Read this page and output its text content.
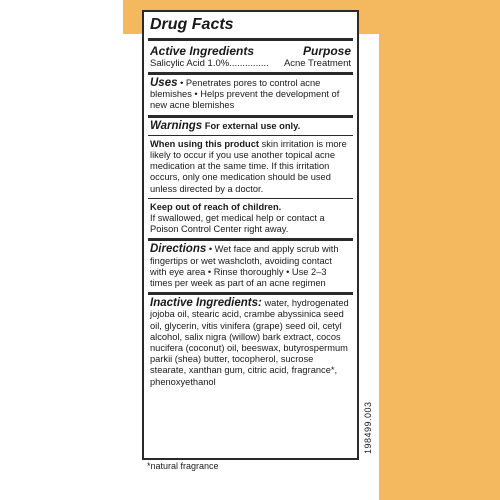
Drug Facts
Active Ingredients	Purpose
Salicylic Acid 1.0% ...............	Acne Treatment
Uses • Penetrates pores to control acne blemishes • Helps prevent the development of new acne blemishes
Warnings For external use only.
When using this product skin irritation is more likely to occur if you use another topical acne medication at the same time. If this irritation occurs, only one medication should be used unless directed by a doctor.
Keep out of reach of children.
If swallowed, get medical help or contact a Poison Control Center right away.
Directions • Wet face and apply scrub with fingertips or wet washcloth, avoiding contact with eye area • Rinse thoroughly • Use 2–3 times per week as part of an acne regimen
Inactive Ingredients: water, hydrogenated jojoba oil, stearic acid, crambe abyssinica seed oil, glycerin, vitis vinifera (grape) seed oil, cetyl alcohol, salix nigra (willow) bark extract, cocos nucifera (coconut) oil, beeswax, butyrospermum parkii (shea) butter, tocopherol, sucrose stearate, xanthan gum, citric acid, fragrance*, phenoxyethanol
198499.003
*natural fragrance
